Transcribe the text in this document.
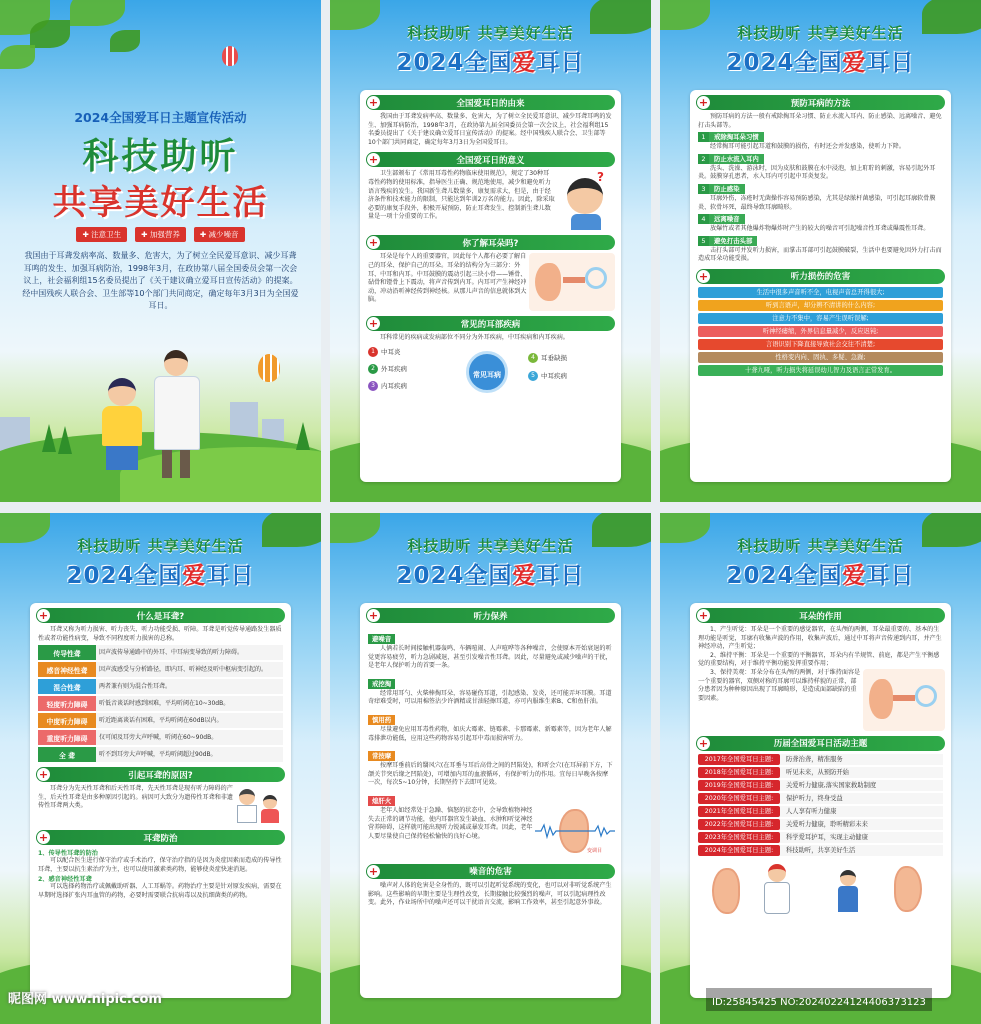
2024全国爱耳日主题宣传活动
科技助听
共享美好生活
✚ 注意卫生	✚ 加强营养	✚ 减少噪音
我国由于耳聋发病率高、数量多、危害大，为了树立全民爱耳意识、减少耳聋耳鸣的发生、加强耳病防治，1998年3月，在政协第八届全国委员会第一次会议上，社会福利组15名委员提出了《关于建议确立爱耳日宣传活动》的提案。经中国残疾人联合会、卫生部等10个部门共同商定，确定每年3月3日为全国爱耳日。
科技助听 共享美好生活
2024全国爱耳日
+	全国爱耳日的由来
我国由于耳聋发病率高、数量多、危害大，为了树立全民爱耳意识、减少耳聋耳鸣的发生、加强耳病防治，1998年3月，在政协第九届全国委员会第一次会议上，社会福利组15名委员提出了《关于建议确立爱耳日宣传活动》的提案。经中国残疾人联合会、卫生部等10个部门共同商定，确定每年3月3日为全国爱耳日。
+	全国爱耳日的意义
卫生部颁布了《常用耳毒性药物临床使用规范》，规定了30种耳毒性药物的使用标准，指导医生正确、规范地使用，减少和避免听力语言残疾的发生。我国新生聋儿数量多，康复需求大，但是，由于经济条件和技术能力的限制，只能达到年训2万名的能力。因此，除采取必要的康复手段外，积极开展预防，防止耳聋发生、控制新生聋儿数量是一项十分重要的工作。
?
+	你了解耳朵吗?
耳朵是每个人的重要器官，因此每个人都有必要了解自己的耳朵、保护自己的耳朵。耳朵的结构分为三部分：外耳、中耳和内耳。中耳鼓膜的震动引起三块小骨——锤骨、砧骨和镫骨上下震动，将声音传到内耳。内耳可产生神经冲动，冲动沿听神经传到神经核。从那儿声音的信息就体到大脑。
+	常见的耳部疾病
耳科常见的疾病或发病部位不同分为外耳疾病，中耳疾病和内耳疾病。
1 中耳炎
2 外耳疾病
3 内耳疾病
常见耳病
4 耳垂缺损
5 中耳疾病
科技助听 共享美好生活
2024全国爱耳日
+	预防耳病的方法
预防耳病的方法一般有戒除掏耳朵习惯、防止水流入耳内、防止感染、远离噪音、避免打击头部等。
1	戒除掏耳朵习惯
经常掏耳可能引起耳道和鼓膜的损伤，有时还会并发感染，使听力下降。
2	防止水流入耳内
洗头、洗澡、游泳时，因为皮肤和鼓膜在水中浸泡，加上耵聍的刺激，容易引起外耳炎。鼓膜穿孔患者，水入耳内可引起中耳炎复发。
3	防止感染
耳廓外伤，冻疮时无菌操作容易预防感染，尤其是绿脓杆菌感染，可引起耳廓软骨膜炎、软骨坏死，最终导致耳廓畸形。
4	远离噪音
放爆竹或者其他爆炸物爆炸时产生的较大的噪音可引起噪音性耳聋或爆震性耳聋。
5	避免打击头部
击打头部可并发听力损害，而掌击耳部可引起鼓膜破裂，生活中也要避免因外力打击而造成耳朵功能受损。
+	听力损伤的危害
生活中很多声音听不全，电视声音总开得很大;
听到言语声，却分辨不清讲的什么内容;
注意力不集中，容易产生误听误解;
听神经痿缩，外界信息量减少，反应迟钝;
言语识别下降直接导致社会交往不清楚;
性格变内向、固执、多疑、急躁;
十聋九哑，听力损失将延误幼儿智力及语言正常发育。
科技助听 共享美好生活
2024全国爱耳日
+	什么是耳聋?
耳聋又称为听力损害、听力丧失、听力功能受损、听障。耳聋是听觉传导通路发生器质性或者功能性病变，导致不同程度听力损害的总称。
传导性聋	因声波传导通路中的外耳、中耳病变导致的听力障碍。
感音神经性聋	因声波感受与分析路径，即内耳、听神经及听中枢病变引起的。
混合性聋	两者兼有则为混合性耳聋。
轻度听力障碍	听低音谈话时感到困难，平均听阈在10~30dB。
中度听力障碍	听近距离谈话有困难，平均听阈在60dB以内。
重度听力障碍	仅可闻及耳旁大声呼喊，听阈在60~90dB。
全 聋	听不到耳旁大声呼喊，平均听阈超过90dB。
+	引起耳聋的原因?
耳聋分为先天性耳聋和后天性耳聋，先天性耳聋是现有听力障碍的产生，后天性耳聋是由多种原因引起的。病因可大致分为遗传性耳聋和非遗传性耳聋两大类。
+	耳聋防治
1、传导性耳聋的防治
可以配合医生进行保守治疗或手术治疗，保守治疗指的是因为炎症因素而造成的传导性耳聋，主要以抗生素治疗为主，也可以使用激素类药物，能够使炎症快速消退。
2、感音神经性耳聋
可以选择药物治疗或佩戴助听器、人工耳蜗等。药物治疗主要是针对原发疾病，需要在早期时选择扩张内耳血管的药物，必要时需要联合抗病毒以及抗细菌类的药物。
科技助听 共享美好生活
2024全国爱耳日
+	听力保养
避噪音
人俩若长时间接触机器轰鸣、车辆喧闹、人声喧哗等各种噪音，会使原本开始衰退的听觉更容易疲劳，听力急剧减退，甚至引发噪音性耳聋。因此，尽量避免或减少噪声的干扰，是老年人保护听力的首要一条。
戒挖掏
经常用耳勺、火柴棒掏耳朵，容易碰伤耳道，引起感染、发炎，还可能弄坏耳膜。耳道奇痒难受时，可以用棉签沾少许酒精或甘油轻擦耳道，亦可内服维生素B、C和鱼肝油。
慎用药
尽量避免应用耳毒性药物，如庆大霉素、链霉素、卡那霉素、新霉素等，因为老年人解毒排泄功能低，应用这些药物容易引起耳中毒而损害听力。
常按摩
按摩耳垂前后的翳风穴(在耳垂与耳后高骨之间的凹陷处)，和听会穴(在耳屏前下方，下颌关节突后缘之凹陷处)，可增加内耳的血液循环，有保护听力的作用。宜每日早晚各按摩一次，每次5~10分钟，长期坚持下去即可见效。
熄肝火
老年人如经常处于急躁、恼怒的状态中，会导致植物神经失去正常的调节功能，使内耳器官发生缺血、水肿和听觉神经营养障碍，这样就可能出现听力锐减或暴发耳聋。因此，老年人要尽量使自己保持轻松愉快的良好心境。
变调目
+	噪音的危害
噪声对人体的危害是全身性的，既可以引起听觉系统的变化，也可以对非听觉系统产生影响。这些影响的早期主要是生理性改变，长期接触比较强烈的噪声，可以引起病理性改变。此外，作业场所中的噪声还可以干扰语言交流，影响工作效率，甚至引起意外事故。
科技助听 共享美好生活
2024全国爱耳日
+	耳朵的作用
1、产生听觉：耳朵是一个重要的感觉器官，在头颅的两侧，耳朵最重要的、基本的生理功能是听觉，耳廓有收集声波的作用，收集声波后，通过中耳将声音传递到内耳，并产生神经冲动，产生听觉；
2、维持平衡：耳朵是一个重要的平衡器官，耳朵内有半规管、前庭，都是产生平衡感觉的重要结构，对于维持平衡功能发挥重要作用；
3、保持美观：耳朵分布在头颅的两侧，对于维持面容是一个重要的器官，双侧对称的耳廓可以维持样貌的正常，部分患者因为种种原因出现了耳廓畸形，是造成面部缺陷的重要因素。
+	历届全国爱耳日活动主题
2017年全国爱耳日主题:	防聋治聋，精准服务
2018年全国爱耳日主题:	听见未来，从预防开始
2019年全国爱耳日主题:	关爱听力健康,落实国家救助制度
2020年全国爱耳日主题:	保护听力，终身受益
2021年全国爱耳日主题:	人人享有听力健康
2022年全国爱耳日主题:	关爱听力健康，聆听精彩未来
2023年全国爱耳日主题:	科学爱耳护耳，实现主动健康
2024年全国爱耳日主题:	科技助听，共享美好生活
昵图网 www.nipic.com	ID:25845425 NO:20240224124406373123
